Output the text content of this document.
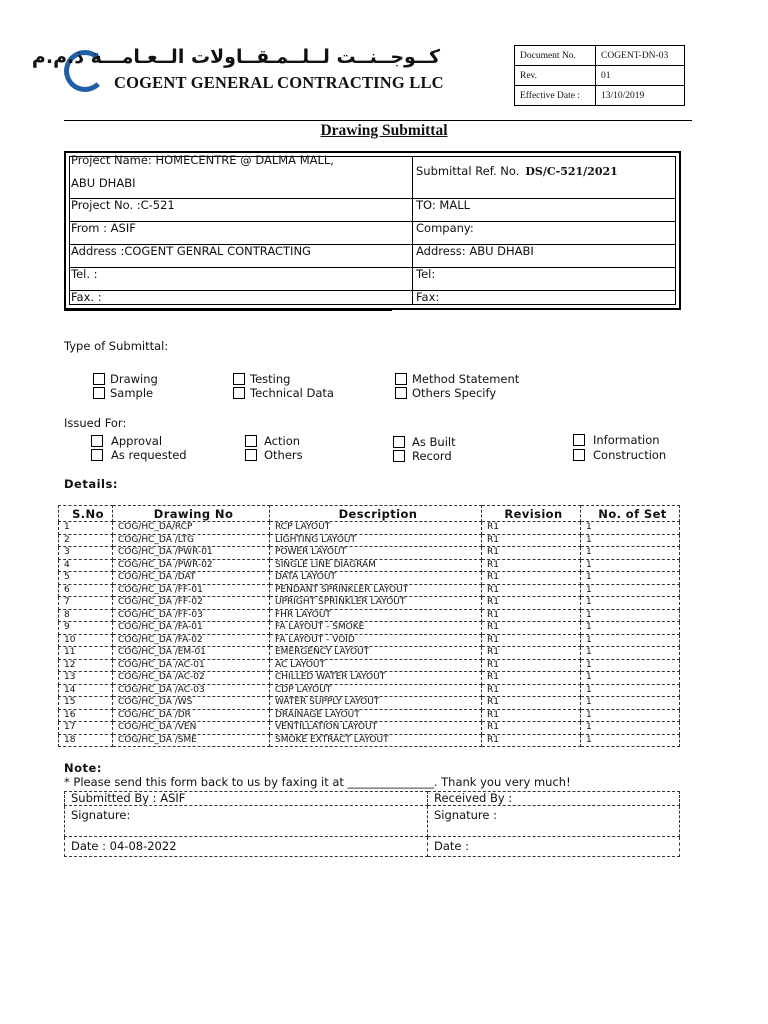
كــوجــنــت لــلــمـقــاولات الــعـامـــة ذ.م.م
COGENT GENERAL CONTRACTING LLC
Document No.	COGENT-DN-03
Rev.	01
Effective Date :	13/10/2019
Drawing Submittal
Project Name: HOMECENTRE @ DALMA MALL,
ABU DHABI
Submittal Ref. No. DS/C-521/2021
Project No. :C-521	TO: MALL
From : ASIF	Company:
Address :COGENT GENRAL CONTRACTING	Address: ABU DHABI
Tel. :	Tel:
Fax. :	Fax:
Type of Submittal:
Drawing	Testing	Method Statement
Sample	Technical Data	Others Specify
Issued For:
Approval	Action	As Built	Information
As requested	Others	Record	Construction
Details:
S.No	Drawing No	Description	Revision	No. of Set
1	COG/HC_DA/RCP	RCP LAYOUT	R1	1
2	COG/HC_DA /LTG	LIGHTING LAYOUT	R1	1
3	COG/HC_DA /PWR-01	POWER LAYOUT	R1	1
4	COG/HC_DA /PWR-02	SINGLE LINE DIAGRAM	R1	1
5	COG/HC_DA /DAT	DATA LAYOUT	R1	1
6	COG/HC_DA /FF-01	PENDANT SPRINKLER LAYOUT	R1	1
7	COG/HC_DA /FF-02	UPRIGHT SPRINKLER LAYOUT	R1	1
8	COG/HC_DA /FF-03	FHR LAYOUT	R1	1
9	COG/HC_DA /FA-01	FA LAYOUT - SMOKE	R1	1
10	COG/HC_DA /FA-02	FA LAYOUT - VOID	R1	1
11	COG/HC_DA /EM-01	EMERGENCY LAYOUT	R1	1
12	COG/HC_DA /AC-01	AC LAYOUT	R1	1
13	COG/HC_DA /AC-02	CHILLED WATER LAYOUT	R1	1
14	COG/HC_DA /AC-03	CDP LAYOUT	R1	1
15	COG/HC_DA /WS	WATER SUPPLY LAYOUT	R1	1
16	COG/HC_DA /DR	DRAINAGE LAYOUT	R1	1
17	COG/HC_DA /VEN	VENTILLATION LAYOUT	R1	1
18	COG/HC_DA /SME	SMOKE EXTRACT LAYOUT	R1	1
Note:
* Please send this form back to us by faxing it at _______________. Thank you very much!
Submitted By : ASIF	Received By :
Signature:	Signature :
Date : 04-08-2022	Date :
